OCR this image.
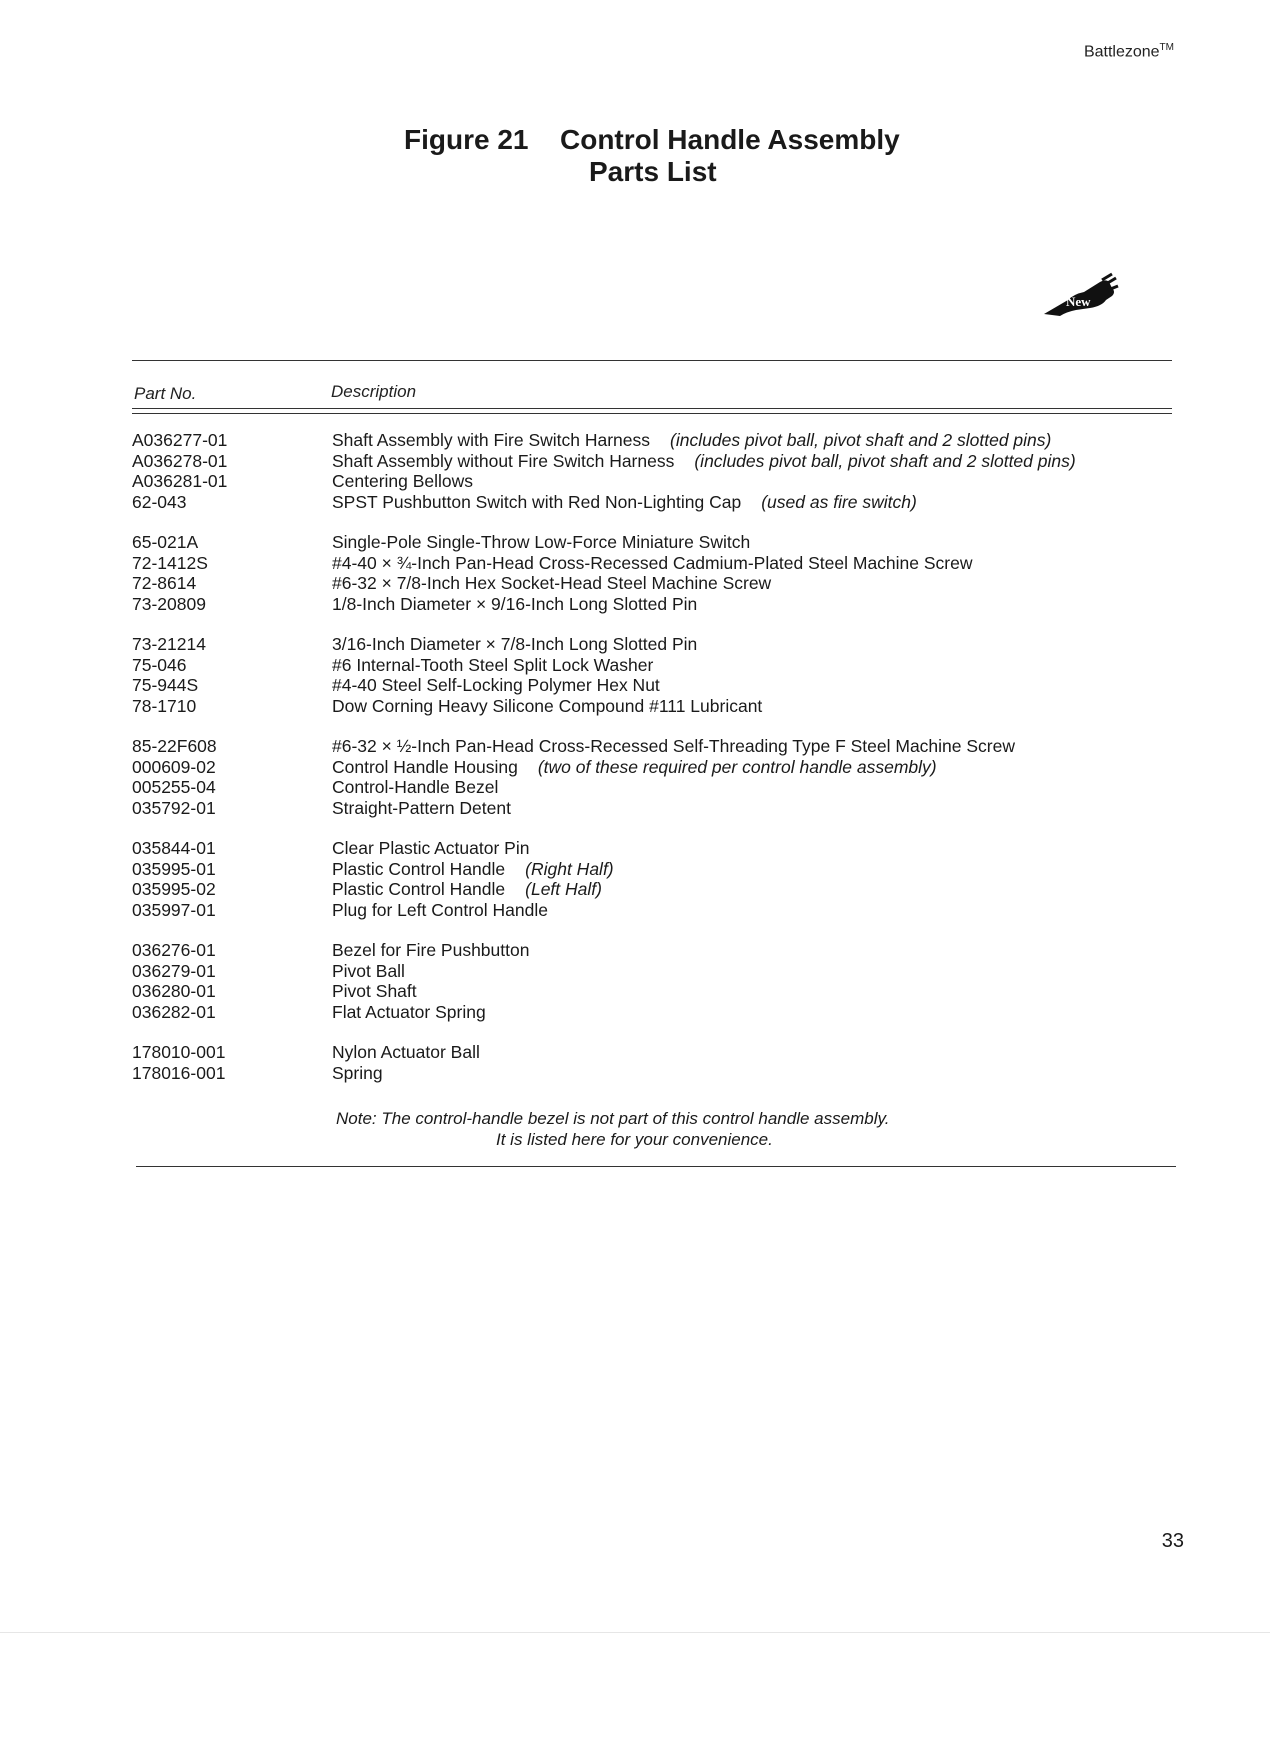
Battlezone™
Figure 21 Control Handle Assembly
Parts List
New
Part No.	Description
A036277-01	Shaft Assembly with Fire Switch Harness (includes pivot ball, pivot shaft and 2 slotted pins)
A036278-01	Shaft Assembly without Fire Switch Harness (includes pivot ball, pivot shaft and 2 slotted pins)
A036281-01	Centering Bellows
62-043	SPST Pushbutton Switch with Red Non-Lighting Cap (used as fire switch)
65-021A	Single-Pole Single-Throw Low-Force Miniature Switch
72-1412S	#4-40 × ¾-Inch Pan-Head Cross-Recessed Cadmium-Plated Steel Machine Screw
72-8614	#6-32 × 7/8-Inch Hex Socket-Head Steel Machine Screw
73-20809	1/8-Inch Diameter × 9/16-Inch Long Slotted Pin
73-21214	3/16-Inch Diameter × 7/8-Inch Long Slotted Pin
75-046	#6 Internal-Tooth Steel Split Lock Washer
75-944S	#4-40 Steel Self-Locking Polymer Hex Nut
78-1710	Dow Corning Heavy Silicone Compound #111 Lubricant
85-22F608	#6-32 × ½-Inch Pan-Head Cross-Recessed Self-Threading Type F Steel Machine Screw
000609-02	Control Handle Housing (two of these required per control handle assembly)
005255-04	Control-Handle Bezel
035792-01	Straight-Pattern Detent
035844-01	Clear Plastic Actuator Pin
035995-01	Plastic Control Handle (Right Half)
035995-02	Plastic Control Handle (Left Half)
035997-01	Plug for Left Control Handle
036276-01	Bezel for Fire Pushbutton
036279-01	Pivot Ball
036280-01	Pivot Shaft
036282-01	Flat Actuator Spring
178010-001	Nylon Actuator Ball
178016-001	Spring
Note: The control-handle bezel is not part of this control handle assembly.
It is listed here for your convenience.
33
